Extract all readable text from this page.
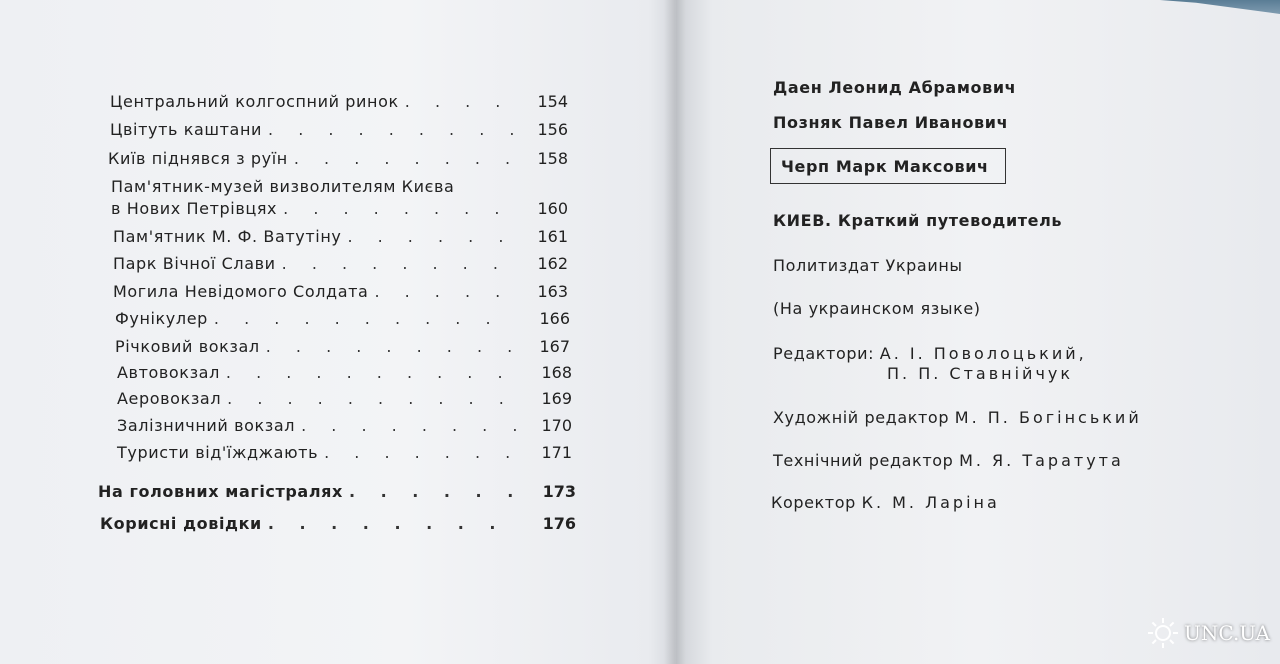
Центральний колгоспний ринок . . .	154
Цвітуть каштани . . .	156
Київ піднявся з руїн . . .	158
Пам'ятник-музей визволителям Києва
в Нових Петрівцях . . .	160
Пам'ятник М. Ф. Ватутіну . . .	161
Парк Вічної Слави . . .	162
Могила Невідомого Солдата . . .	163
Фунікулер . . .	166
Річковий вокзал . . .	167
Автовокзал . . .	168
Аеровокзал . . .	169
Залізничний вокзал . . .	170
Туристи від'їжджають . . .	171
На головних магістралях . . .	173
Корисні довідки . . .	176
Даен Леонид Абрамович
Позняк Павел Иванович
Черп Марк Максович
КИЕВ. Краткий путеводитель
Политиздат Украины
(На украинском языке)
Редактори: А. І. Поволоцький,
П. П. Ставнійчук
Художній редактор М. П. Богінський
Технічний редактор М. Я. Таратута
Коректор К. М. Ларіна
UNC.UA
